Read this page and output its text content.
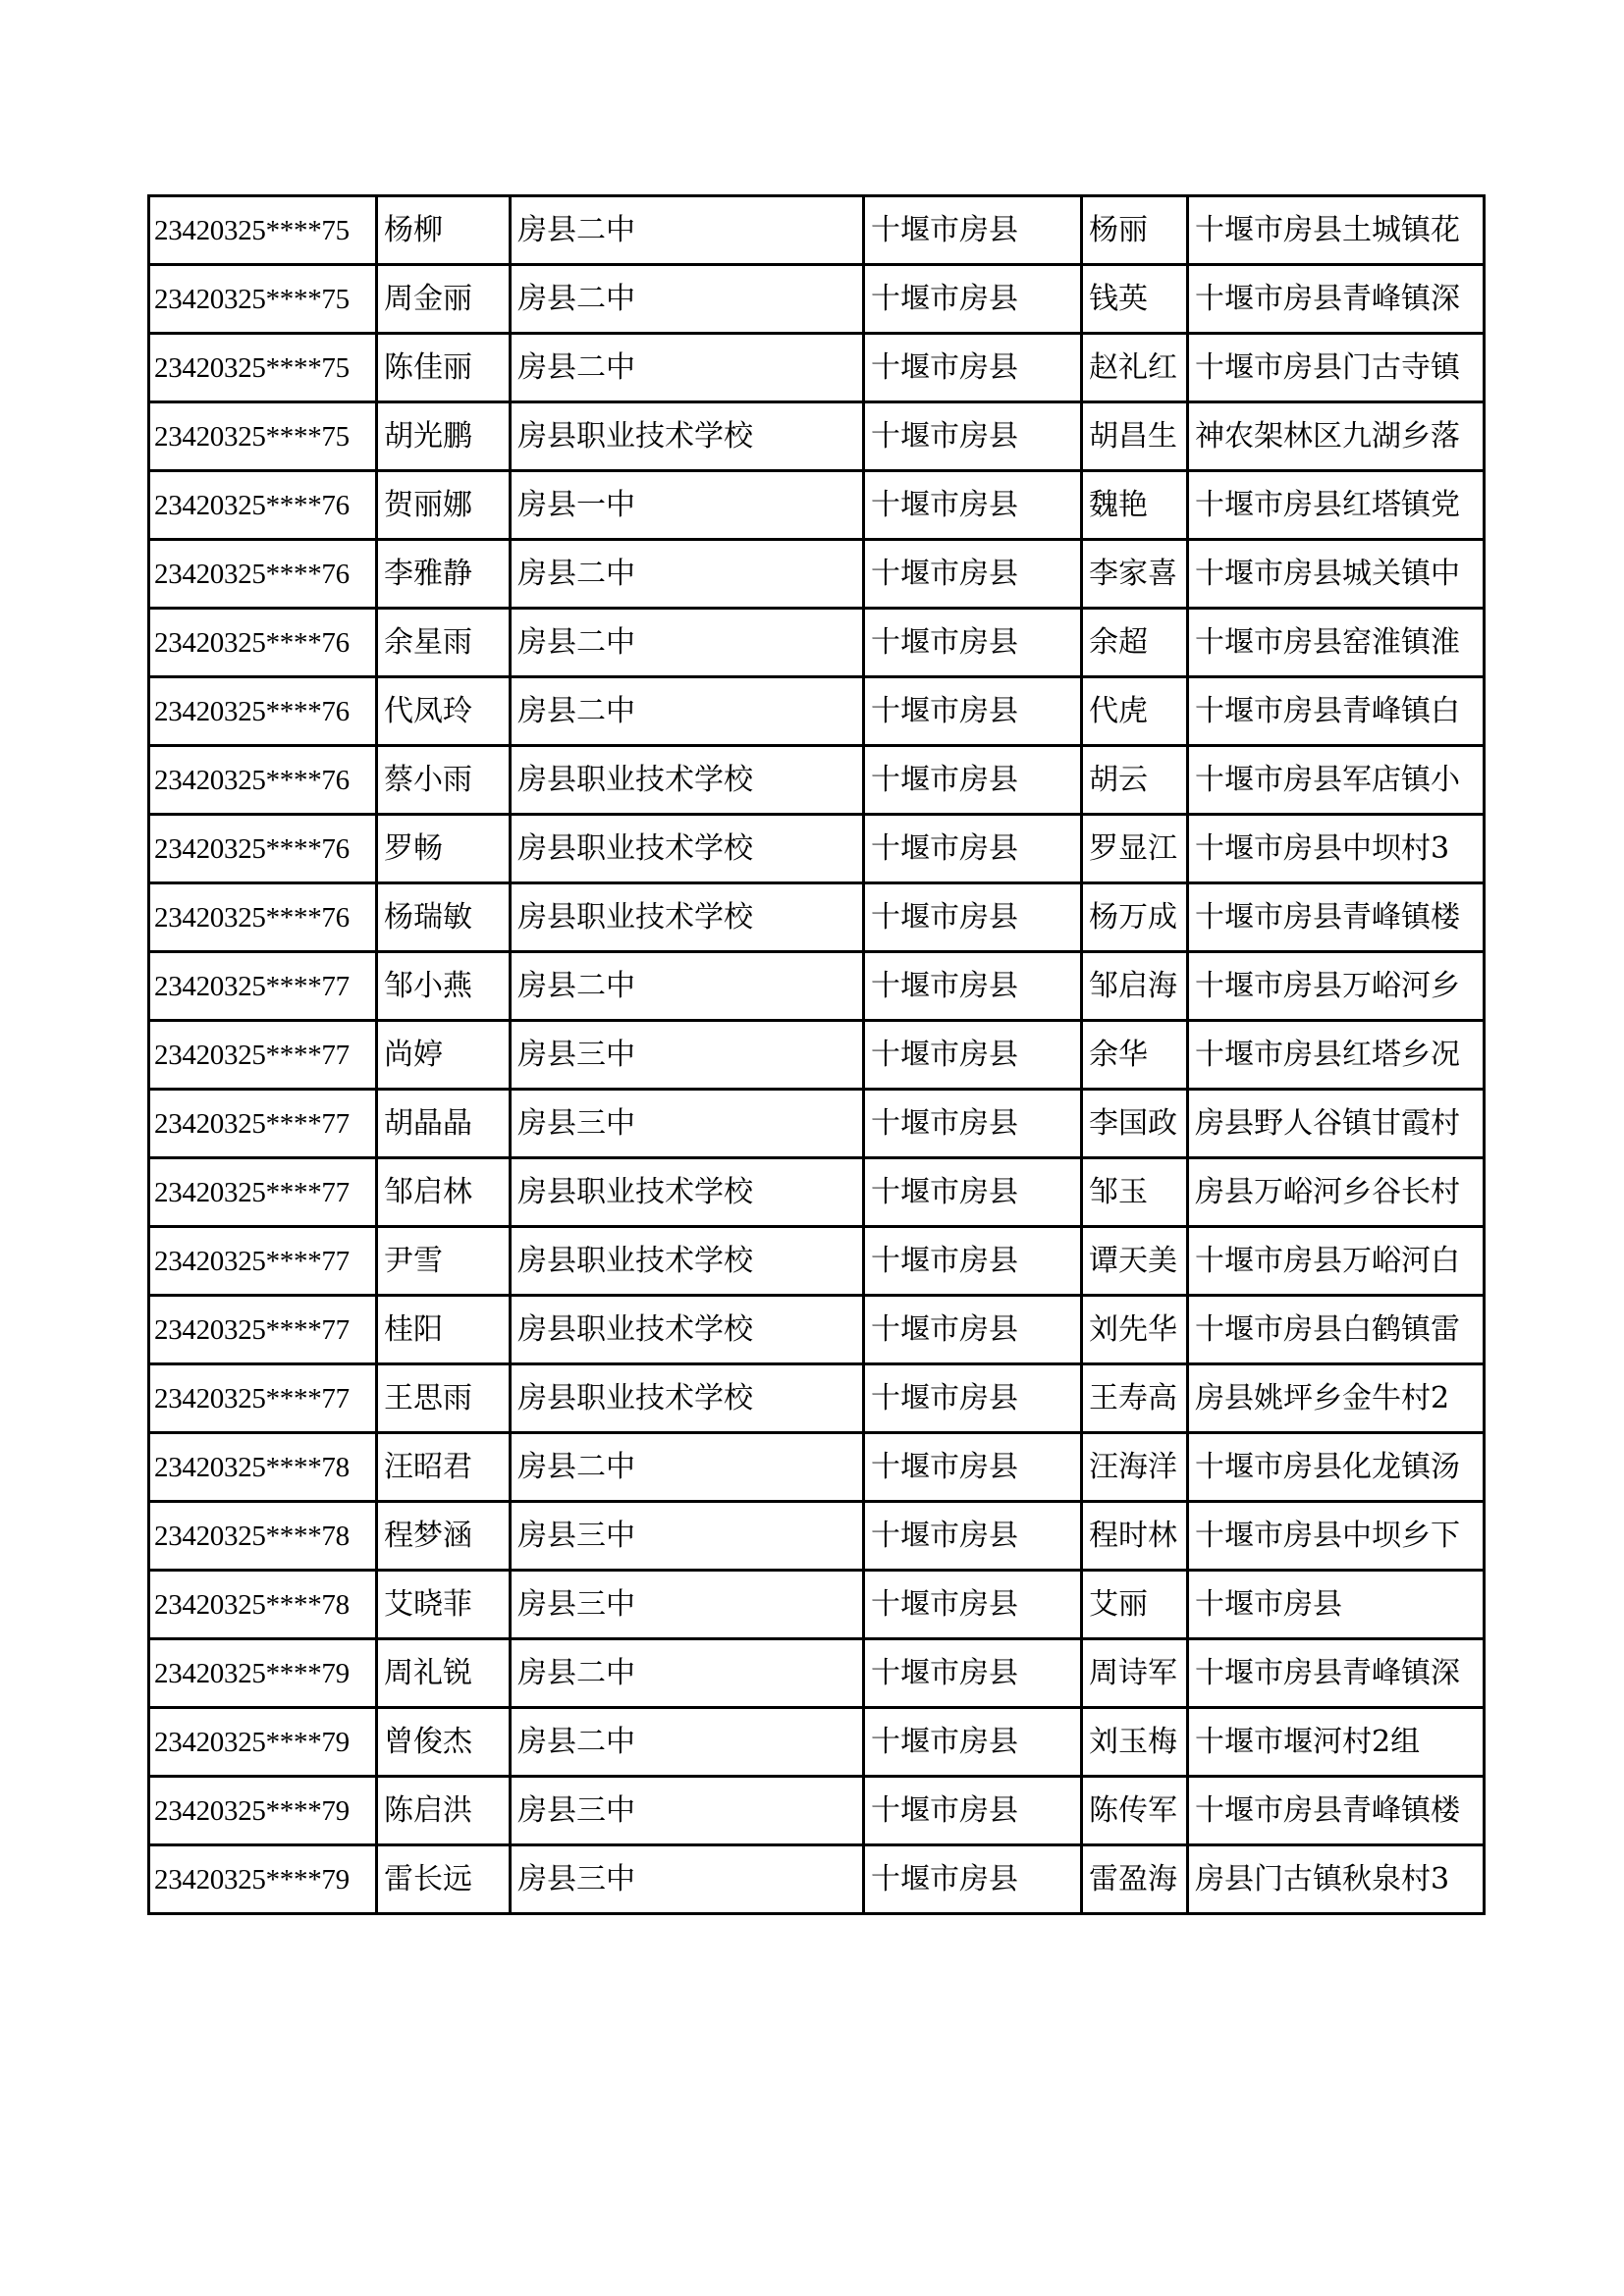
23420325****75	杨柳	房县二中	十堰市房县	杨丽	十堰市房县土城镇花
23420325****75	周金丽	房县二中	十堰市房县	钱英	十堰市房县青峰镇深
23420325****75	陈佳丽	房县二中	十堰市房县	赵礼红	十堰市房县门古寺镇
23420325****75	胡光鹏	房县职业技术学校	十堰市房县	胡昌生	神农架林区九湖乡落
23420325****76	贺丽娜	房县一中	十堰市房县	魏艳	十堰市房县红塔镇党
23420325****76	李雅静	房县二中	十堰市房县	李家喜	十堰市房县城关镇中
23420325****76	余星雨	房县二中	十堰市房县	余超	十堰市房县窑淮镇淮
23420325****76	代凤玲	房县二中	十堰市房县	代虎	十堰市房县青峰镇白
23420325****76	蔡小雨	房县职业技术学校	十堰市房县	胡云	十堰市房县军店镇小
23420325****76	罗畅	房县职业技术学校	十堰市房县	罗显江	十堰市房县中坝村3
23420325****76	杨瑞敏	房县职业技术学校	十堰市房县	杨万成	十堰市房县青峰镇楼
23420325****77	邹小燕	房县二中	十堰市房县	邹启海	十堰市房县万峪河乡
23420325****77	尚婷	房县三中	十堰市房县	余华	十堰市房县红塔乡况
23420325****77	胡晶晶	房县三中	十堰市房县	李国政	房县野人谷镇甘霞村
23420325****77	邹启林	房县职业技术学校	十堰市房县	邹玉	房县万峪河乡谷长村
23420325****77	尹雪	房县职业技术学校	十堰市房县	谭天美	十堰市房县万峪河白
23420325****77	桂阳	房县职业技术学校	十堰市房县	刘先华	十堰市房县白鹤镇雷
23420325****77	王思雨	房县职业技术学校	十堰市房县	王寿高	房县姚坪乡金牛村2
23420325****78	汪昭君	房县二中	十堰市房县	汪海洋	十堰市房县化龙镇汤
23420325****78	程梦涵	房县三中	十堰市房县	程时林	十堰市房县中坝乡下
23420325****78	艾晓菲	房县三中	十堰市房县	艾丽	十堰市房县
23420325****79	周礼锐	房县二中	十堰市房县	周诗军	十堰市房县青峰镇深
23420325****79	曾俊杰	房县二中	十堰市房县	刘玉梅	十堰市堰河村2组
23420325****79	陈启洪	房县三中	十堰市房县	陈传军	十堰市房县青峰镇楼
23420325****79	雷长远	房县三中	十堰市房县	雷盈海	房县门古镇秋泉村3
